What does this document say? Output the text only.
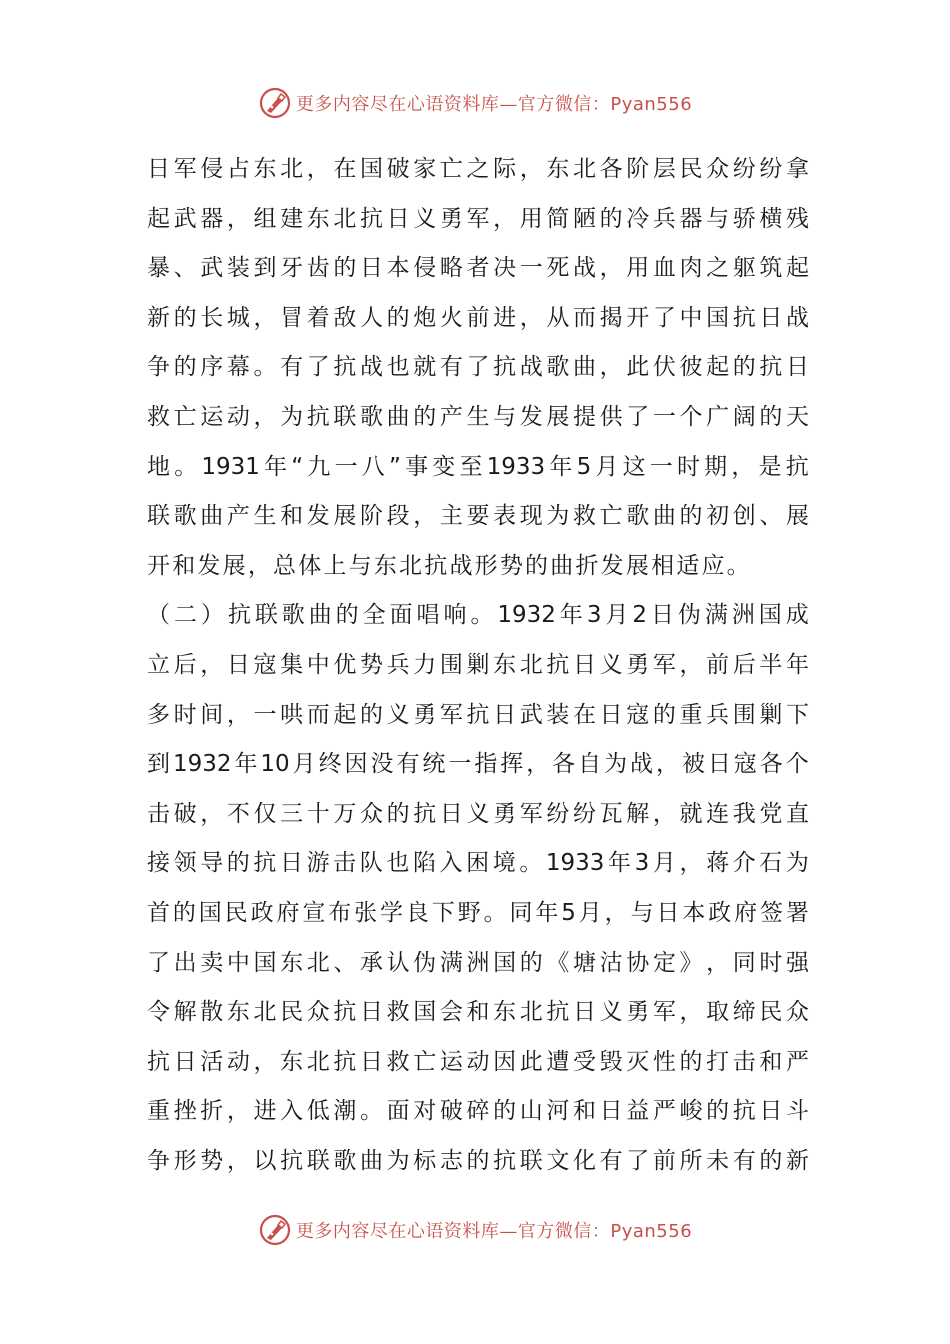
更多内容尽在心语资料库—官方微信：Pyan556
日 军 侵 占 东 北 ， 在 国 破 家 亡 之 际 ， 东 北 各 阶 层 民 众 纷 纷 拿
起 武 器 ， 组 建 东 北 抗 日 义 勇 军 ， 用 简 陋 的 冷 兵 器 与 骄 横 残
暴 、 武 装 到 牙 齿 的 日 本 侵 略 者 决 一 死 战 ， 用 血 肉 之 躯 筑 起
新 的 长 城 ， 冒 着 敌 人 的 炮 火 前 进 ， 从 而 揭 开 了 中 国 抗 日 战
争 的 序 幕 。 有 了 抗 战 也 就 有 了 抗 战 歌 曲 ， 此 伏 彼 起 的 抗 日
救 亡 运 动 ， 为 抗 联 歌 曲 的 产 生 与 发 展 提 供 了 一 个 广 阔 的 天
地 。 1931 年 “ 九 一 八 ” 事 变 至 1933 年 5 月 这 一 时 期 ， 是 抗
联 歌 曲 产 生 和 发 展 阶 段 ， 主 要 表 现 为 救 亡 歌 曲 的 初 创 、 展
开 和 发 展 ， 总 体 上 与 东 北 抗 战 形 势 的 曲 折 发 展 相 适 应 。
（ 二 ） 抗 联 歌 曲 的 全 面 唱 响 。 1932 年 3 月 2 日 伪 满 洲 国 成
立 后 ， 日 寇 集 中 优 势 兵 力 围 剿 东 北 抗 日 义 勇 军 ， 前 后 半 年
多 时 间 ， 一 哄 而 起 的 义 勇 军 抗 日 武 装 在 日 寇 的 重 兵 围 剿 下
到 1932 年 10 月 终 因 没 有 统 一 指 挥 ， 各 自 为 战 ， 被 日 寇 各 个
击 破 ， 不 仅 三 十 万 众 的 抗 日 义 勇 军 纷 纷 瓦 解 ， 就 连 我 党 直
接 领 导 的 抗 日 游 击 队 也 陷 入 困 境 。 1933 年 3 月 ， 蒋 介 石 为
首 的 国 民 政 府 宣 布 张 学 良 下 野 。 同 年 5 月 ， 与 日 本 政 府 签 署
了 出 卖 中 国 东 北 、 承 认 伪 满 洲 国 的 《 塘 沽 协 定 》 ， 同 时 强
令 解 散 东 北 民 众 抗 日 救 国 会 和 东 北 抗 日 义 勇 军 ， 取 缔 民 众
抗 日 活 动 ， 东 北 抗 日 救 亡 运 动 因 此 遭 受 毁 灭 性 的 打 击 和 严
重 挫 折 ， 进 入 低 潮 。 面 对 破 碎 的 山 河 和 日 益 严 峻 的 抗 日 斗
争 形 势 ， 以 抗 联 歌 曲 为 标 志 的 抗 联 文 化 有 了 前 所 未 有 的 新
更多内容尽在心语资料库—官方微信：Pyan556
